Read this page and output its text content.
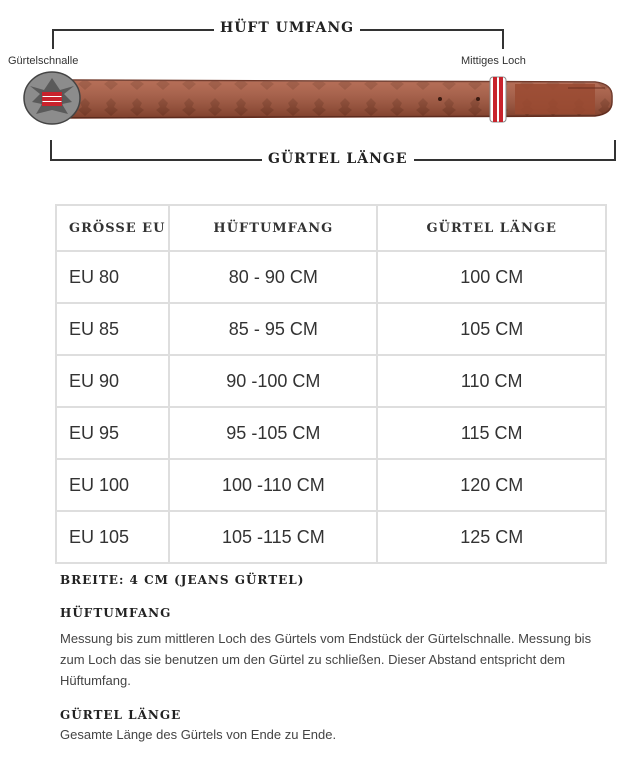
HÜFT UMFANG
Gürtelschnalle	Mittiges Loch
GÜRTEL LÄNGE
GRÖSSE EU	HÜFTUMFANG	GÜRTEL LÄNGE
EU 80	80 - 90 CM	100 CM
EU 85	85 - 95 CM	105 CM
EU 90	90 -100 CM	110 CM
EU 95	95 -105 CM	115 CM
EU 100	100 -110 CM	120 CM
EU 105	105 -115 CM	125 CM
BREITE: 4 CM (JEANS GÜRTEL)
HÜFTUMFANG
Messung bis zum mittleren Loch des Gürtels vom Endstück der Gürtelschnalle. Messung bis zum Loch das sie benutzen um den Gürtel zu schließen. Dieser Abstand entspricht dem Hüftumfang.
GÜRTEL LÄNGE
Gesamte Länge des Gürtels von Ende zu Ende.
